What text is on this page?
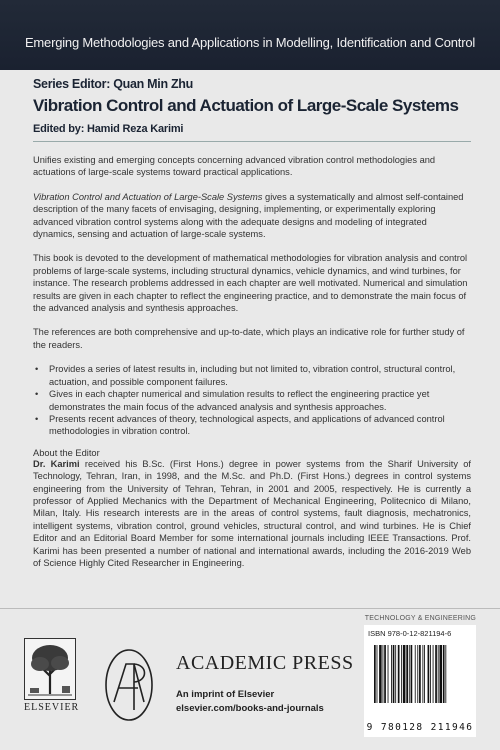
Emerging Methodologies and Applications in Modelling, Identification and Control
Series Editor: Quan Min Zhu
Vibration Control and Actuation of Large-Scale Systems
Edited by: Hamid Reza Karimi

Unifies existing and emerging concepts concerning advanced vibration control methodologies and actuations of large-scale systems toward practical applications.

Vibration Control and Actuation of Large-Scale Systems gives a systematically and almost self-contained description of the many facets of envisaging, designing, implementing, or experimentally exploring advanced vibration control systems along with the adequate designs and modeling of integrated dynamics, sensing and actuation of large-scale systems.

This book is devoted to the development of mathematical methodologies for vibration analysis and control problems of large-scale systems, including structural dynamics, vehicle dynamics, and wind turbines, for instance. The research problems addressed in each chapter are well motivated. Numerical and simulation results are given in each chapter to reflect the engineering practice, and to demonstrate the main focus of the advanced analysis and synthesis approaches.

The references are both comprehensive and up-to-date, which plays an indicative role for further study of the readers.

• Provides a series of latest results in, including but not limited to, vibration control, structural control, actuation, and possible component failures.
• Gives in each chapter numerical and simulation results to reflect the engineering practice yet demonstrates the main focus of the advanced analysis and synthesis approaches.
• Presents recent advances of theory, technological aspects, and applications of advanced control methodologies in vibration control.
About the Editor

Dr. Karimi received his B.Sc. (First Hons.) degree in power systems from the Sharif University of Technology, Tehran, Iran, in 1998, and the M.Sc. and Ph.D. (First Hons.) degrees in control systems engineering from the University of Tehran, Tehran, in 2001 and 2005, respectively. He is currently a professor of Applied Mechanics with the Department of Mechanical Engineering, Politecnico di Milano, Milan, Italy. His research interests are in the areas of control systems, fault diagnosis, mechatronics, intelligent systems, vibration control, ground vehicles, structural control, and wind turbines. He is Chief Editor and an Editorial Board Member for some international journals including IEEE Transactions. Prof. Karimi has been presented a number of national and international awards, including the 2016-2019 Web of Science Highly Cited Researcher in Engineering.

TECHNOLOGY & ENGINEERING
ISBN 978-0-12-821194-6
9 780128 211946
ELSEVIER
ACADEMIC PRESS
An imprint of Elsevier
elsevier.com/books-and-journals
